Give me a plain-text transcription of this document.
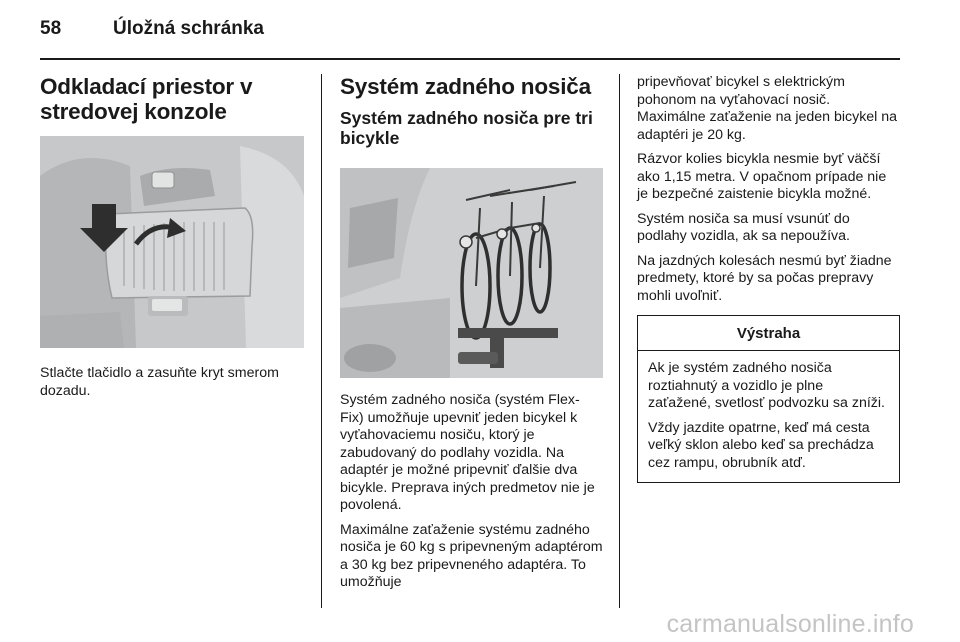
58	Úložná schránka
Odkladací priestor v stredovej konzole

Stlačte tlačidlo a zasuňte kryt smerom dozadu.

Systém zadného nosiča
Systém zadného nosiča pre tri bicykle

Systém zadného nosiča (systém Flex-Fix) umožňuje upevniť jeden bicykel k vyťahovaciemu nosiču, ktorý je zabudovaný do podlahy vozidla. Na adaptér je možné pripevniť ďalšie dva bicykle. Preprava iných predmetov nie je povolená.

Maximálne zaťaženie systému zadného nosiča je 60 kg s pripevneným adaptérom a 30 kg bez pripevneného adaptéra. To umožňuje

pripevňovať bicykel s elektrickým pohonom na vyťahovací nosič. Maximálne zaťaženie na jeden bicykel na adaptéri je 20 kg.

Rázvor kolies bicykla nesmie byť väčší ako 1,15 metra. V opačnom prípade nie je bezpečné zaistenie bicykla možné.

Systém nosiča sa musí vsunúť do podlahy vozidla, ak sa nepoužíva.

Na jazdných kolesách nesmú byť žiadne predmety, ktoré by sa počas prepravy mohli uvoľniť.

Výstraha

Ak je systém zadného nosiča roztiahnutý a vozidlo je plne zaťažené, svetlosť podvozku sa zníži.

Vždy jazdite opatrne, keď má cesta veľký sklon alebo keď sa prechádza cez rampu, obrubník atď.

carmanualsonline.info
